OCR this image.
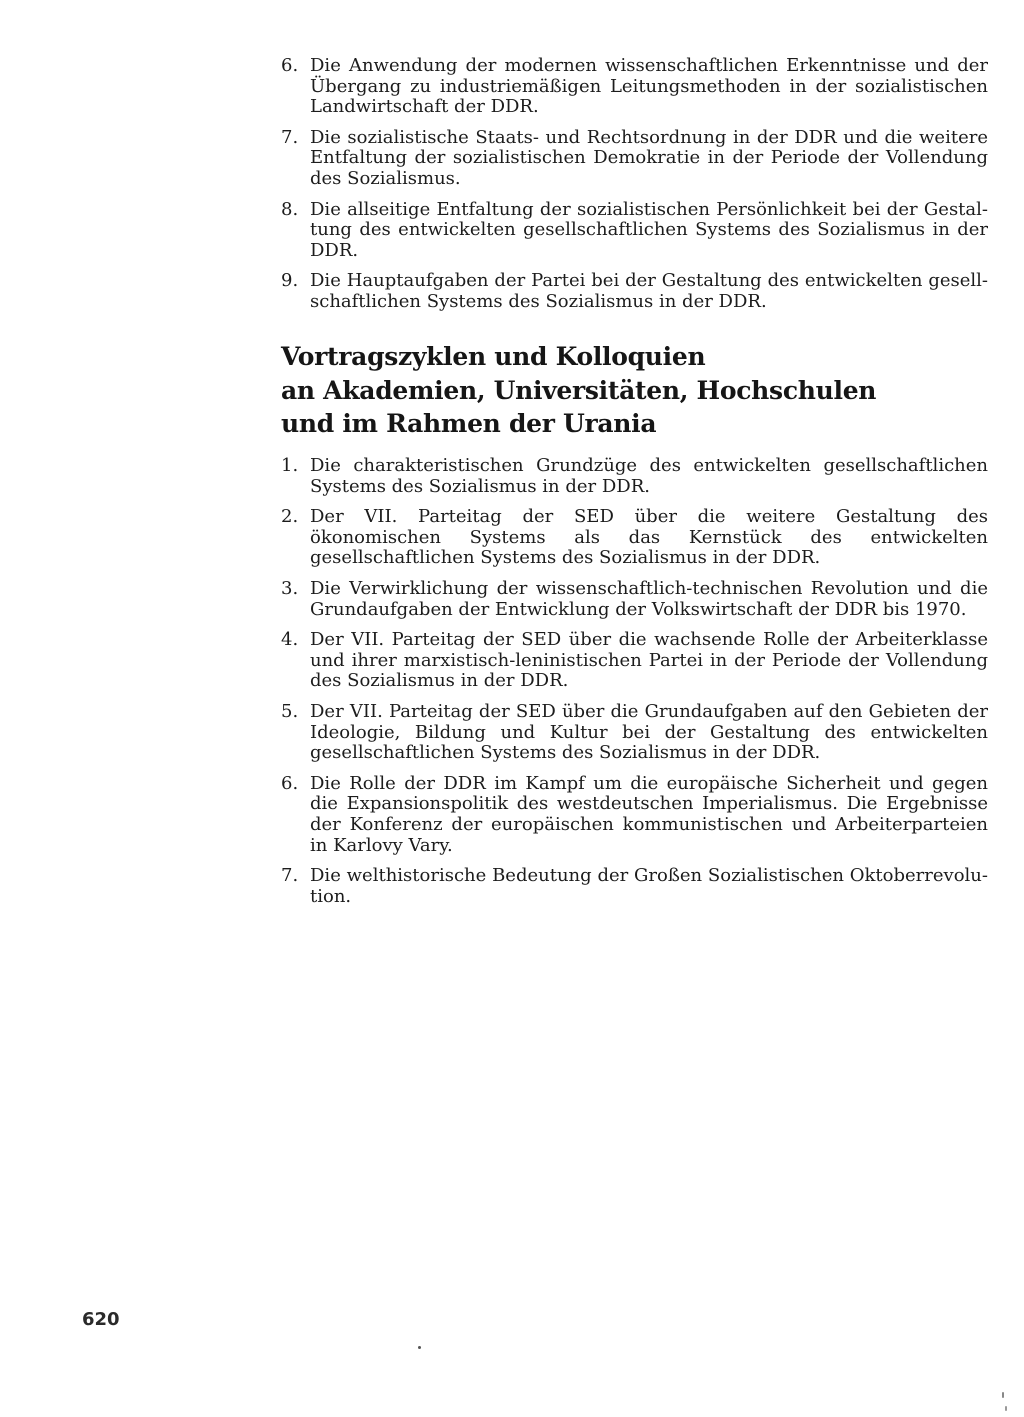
6. Die Anwendung der modernen wissenschaftlichen Erkenntnisse und der Übergang zu industriemäßigen Leitungsmethoden in der sozialistischen Landwirtschaft der DDR.
7. Die sozialistische Staats- und Rechtsordnung in der DDR und die weitere Entfaltung der sozialistischen Demokratie in der Periode der Vollendung des Sozialismus.
8. Die allseitige Entfaltung der sozialistischen Persönlichkeit bei der Gestaltung des entwickelten gesellschaftlichen Systems des Sozialismus in der DDR.
9. Die Hauptaufgaben der Partei bei der Gestaltung des entwickelten gesellschaftlichen Systems des Sozialismus in der DDR.
Vortragszyklen und Kolloquien
an Akademien, Universitäten, Hochschulen
und im Rahmen der Urania
1. Die charakteristischen Grundzüge des entwickelten gesellschaftlichen Systems des Sozialismus in der DDR.
2. Der VII. Parteitag der SED über die weitere Gestaltung des ökonomischen Systems als das Kernstück des entwickelten gesellschaftlichen Systems des Sozialismus in der DDR.
3. Die Verwirklichung der wissenschaftlich-technischen Revolution und die Grundaufgaben der Entwicklung der Volkswirtschaft der DDR bis 1970.
4. Der VII. Parteitag der SED über die wachsende Rolle der Arbeiterklasse und ihrer marxistisch-leninistischen Partei in der Periode der Vollendung des Sozialismus in der DDR.
5. Der VII. Parteitag der SED über die Grundaufgaben auf den Gebieten der Ideologie, Bildung und Kultur bei der Gestaltung des entwickelten gesellschaftlichen Systems des Sozialismus in der DDR.
6. Die Rolle der DDR im Kampf um die europäische Sicherheit und gegen die Expansionspolitik des westdeutschen Imperialismus. Die Ergebnisse der Konferenz der europäischen kommunistischen und Arbeiterparteien in Karlovy Vary.
7. Die welthistorische Bedeutung der Großen Sozialistischen Oktoberrevolution.
620
